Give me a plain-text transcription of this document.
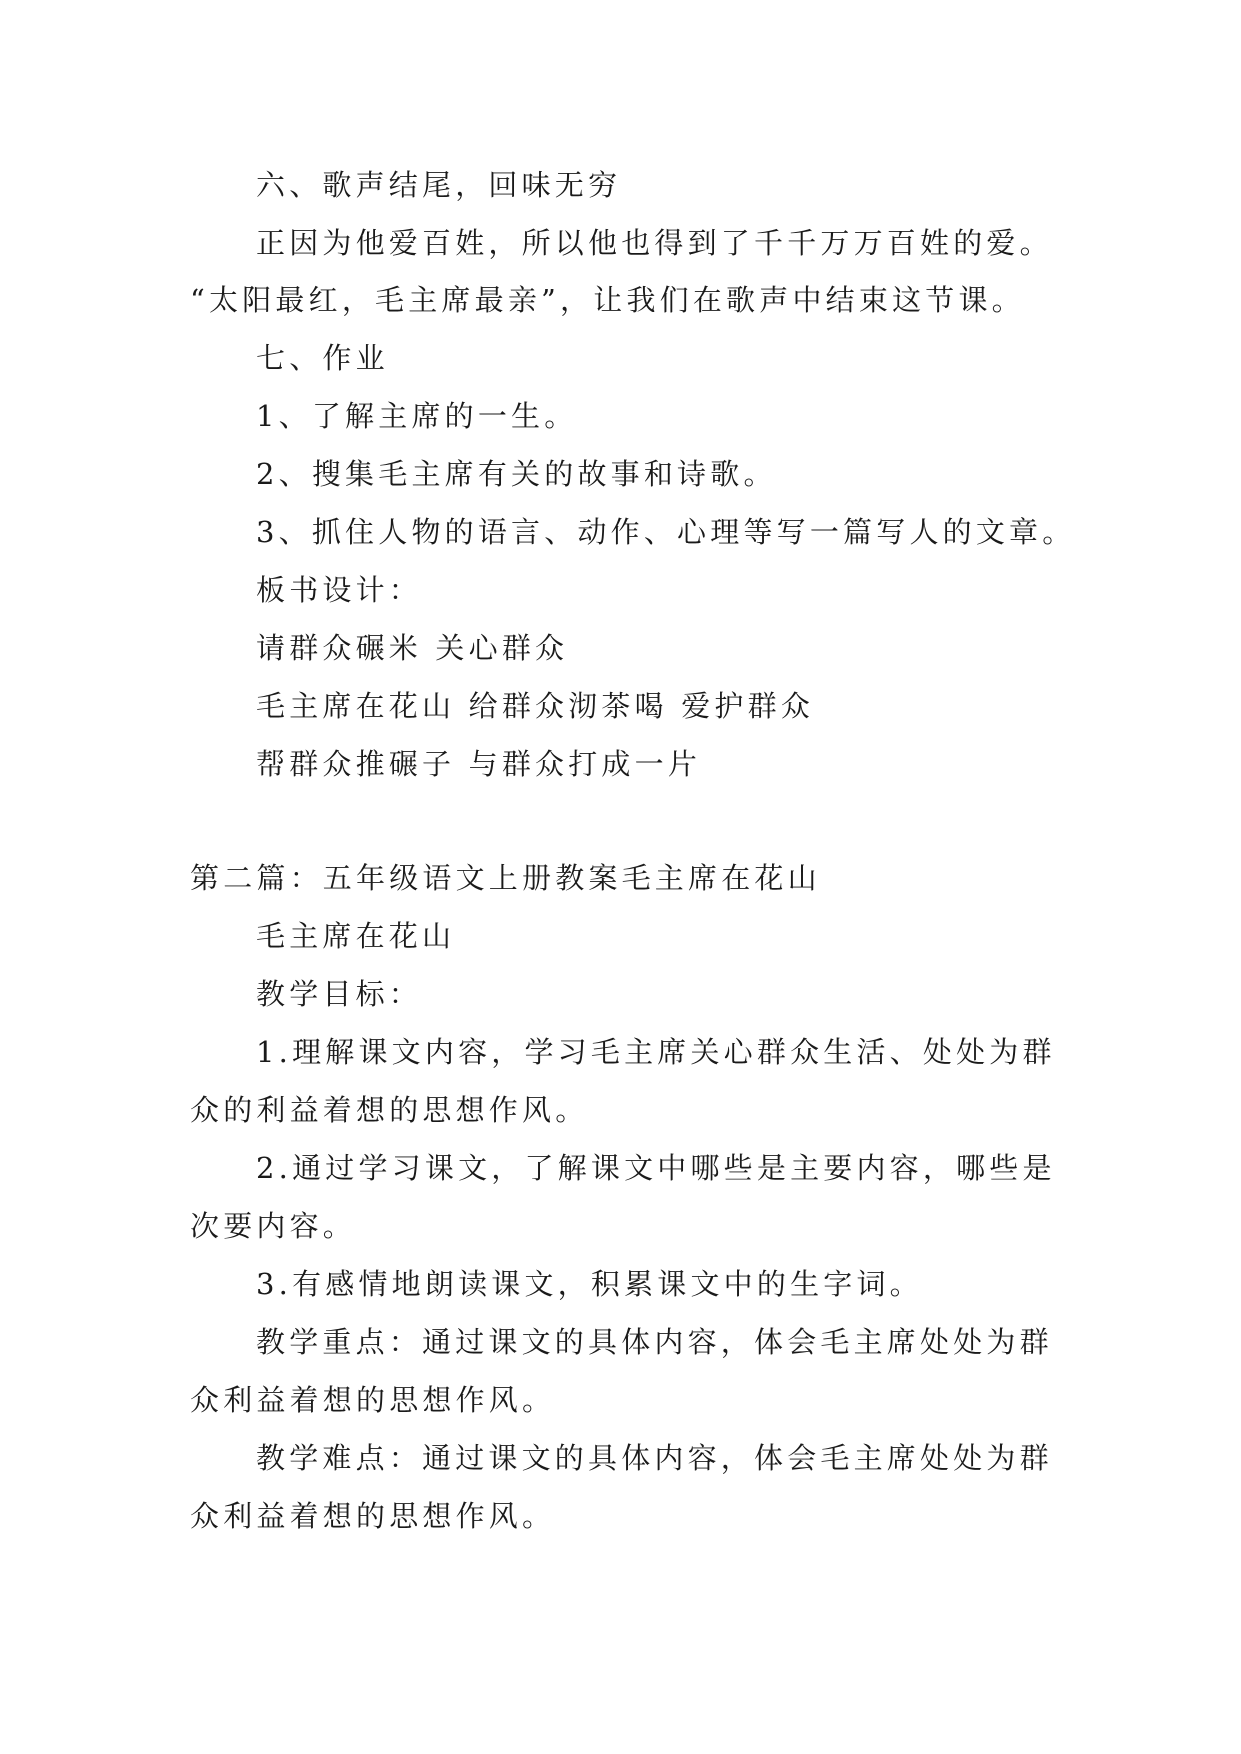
六、歌声结尾，回味无穷
正因为他爱百姓，所以他也得到了千千万万百姓的爱。
“太阳最红，毛主席最亲”，让我们在歌声中结束这节课。
七、作业
1、了解主席的一生。
2、搜集毛主席有关的故事和诗歌。
3、抓住人物的语言、动作、心理等写一篇写人的文章。
板书设计：
请群众碾米 关心群众
毛主席在花山 给群众沏茶喝 爱护群众
帮群众推碾子 与群众打成一片
第二篇：五年级语文上册教案毛主席在花山
毛主席在花山
教学目标：
1.理解课文内容，学习毛主席关心群众生活、处处为群
众的利益着想的思想作风。
2.通过学习课文，了解课文中哪些是主要内容，哪些是
次要内容。
3.有感情地朗读课文，积累课文中的生字词。
教学重点：通过课文的具体内容，体会毛主席处处为群
众利益着想的思想作风。
教学难点：通过课文的具体内容，体会毛主席处处为群
众利益着想的思想作风。
